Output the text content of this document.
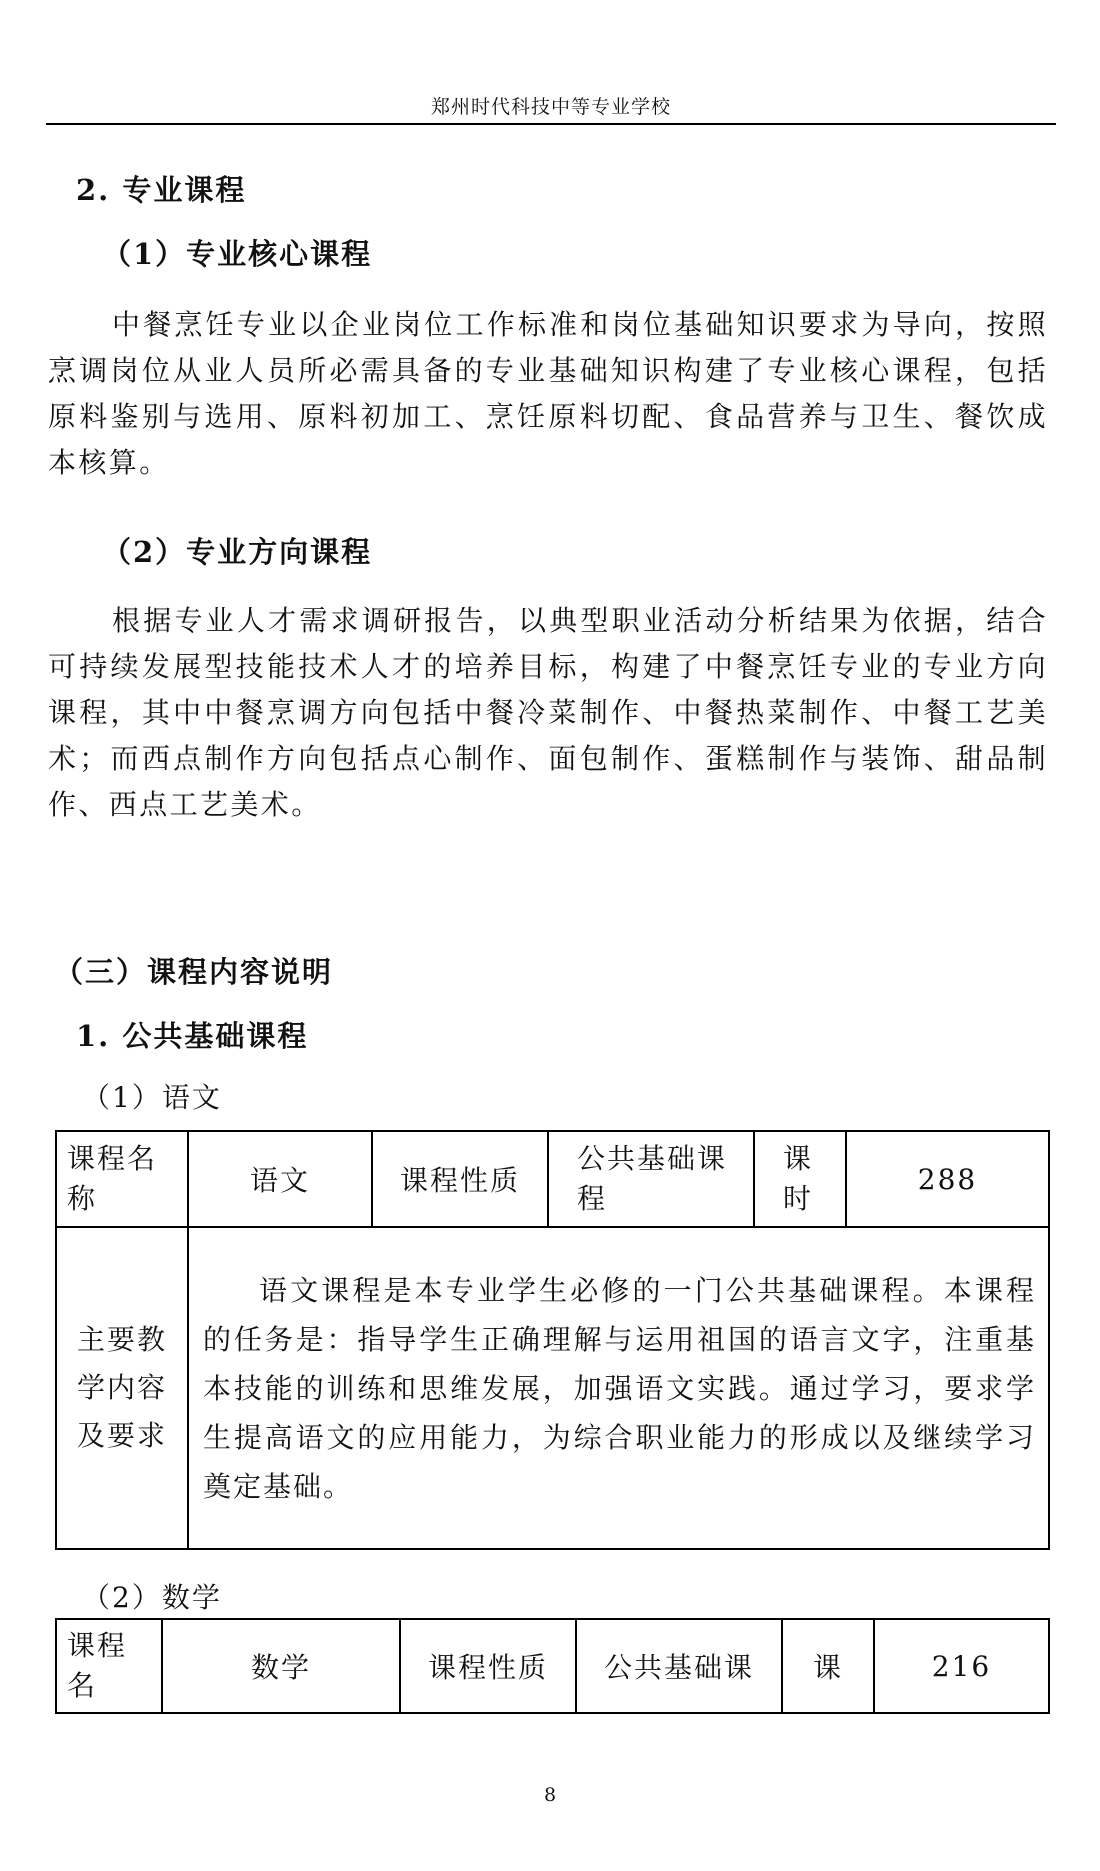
郑州时代科技中等专业学校
2. 专业课程
（1）专业核心课程
中餐烹饪专业以企业岗位工作标准和岗位基础知识要求为导向，按照烹调岗位从业人员所必需具备的专业基础知识构建了专业核心课程，包括原料鉴别与选用、原料初加工、烹饪原料切配、食品营养与卫生、餐饮成本核算。
（2）专业方向课程
根据专业人才需求调研报告，以典型职业活动分析结果为依据，结合可持续发展型技能技术人才的培养目标，构建了中餐烹饪专业的专业方向课程，其中中餐烹调方向包括中餐冷菜制作、中餐热菜制作、中餐工艺美术；而西点制作方向包括点心制作、面包制作、蛋糕制作与装饰、甜品制作、西点工艺美术。
（三）课程内容说明
1. 公共基础课程
（1）语文
课程名称	语文	课程性质	公共基础课程	课时	288
主要教学内容及要求	语文课程是本专业学生必修的一门公共基础课程。本课程的任务是：指导学生正确理解与运用祖国的语言文字，注重基本技能的训练和思维发展，加强语文实践。通过学习，要求学生提高语文的应用能力，为综合职业能力的形成以及继续学习奠定基础。				
（2）数学
课程名	数学	课程性质	公共基础课	课	216
8
